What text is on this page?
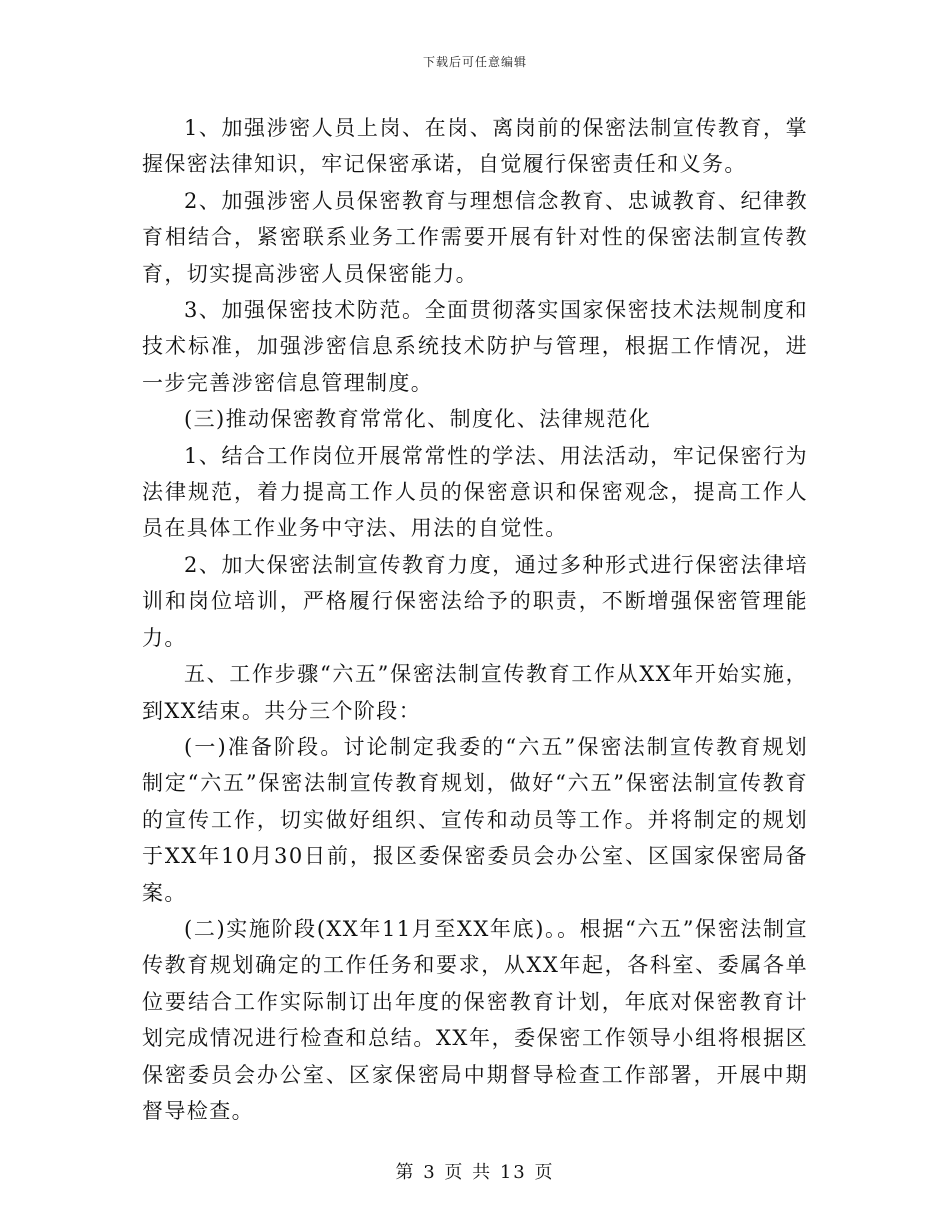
下载后可任意编辑

1、加强涉密人员上岗、在岗、离岗前的保密法制宣传教育，掌握保密法律知识，牢记保密承诺，自觉履行保密责任和义务。

2、加强涉密人员保密教育与理想信念教育、忠诚教育、纪律教育相结合，紧密联系业务工作需要开展有针对性的保密法制宣传教育，切实提高涉密人员保密能力。

3、加强保密技术防范。全面贯彻落实国家保密技术法规制度和技术标准，加强涉密信息系统技术防护与管理，根据工作情况，进一步完善涉密信息管理制度。

(三)推动保密教育常常化、制度化、法律规范化

1、结合工作岗位开展常常性的学法、用法活动，牢记保密行为法律规范，着力提高工作人员的保密意识和保密观念，提高工作人员在具体工作业务中守法、用法的自觉性。

2、加大保密法制宣传教育力度，通过多种形式进行保密法律培训和岗位培训，严格履行保密法给予的职责，不断增强保密管理能力。

五、工作步骤“六五”保密法制宣传教育工作从XX年开始实施，到XX结束。共分三个阶段：

(一)准备阶段。讨论制定我委的“六五”保密法制宣传教育规划制定“六五”保密法制宣传教育规划，做好“六五”保密法制宣传教育的宣传工作，切实做好组织、宣传和动员等工作。并将制定的规划于XX年10月30日前，报区委保密委员会办公室、区国家保密局备案。

(二)实施阶段(XX年11月至XX年底)。。根据“六五”保密法制宣传教育规划确定的工作任务和要求，从XX年起，各科室、委属各单位要结合工作实际制订出年度的保密教育计划，年底对保密教育计划完成情况进行检查和总结。XX年，委保密工作领导小组将根据区保密委员会办公室、区家保密局中期督导检查工作部署，开展中期督导检查。

第 3 页 共 13 页
